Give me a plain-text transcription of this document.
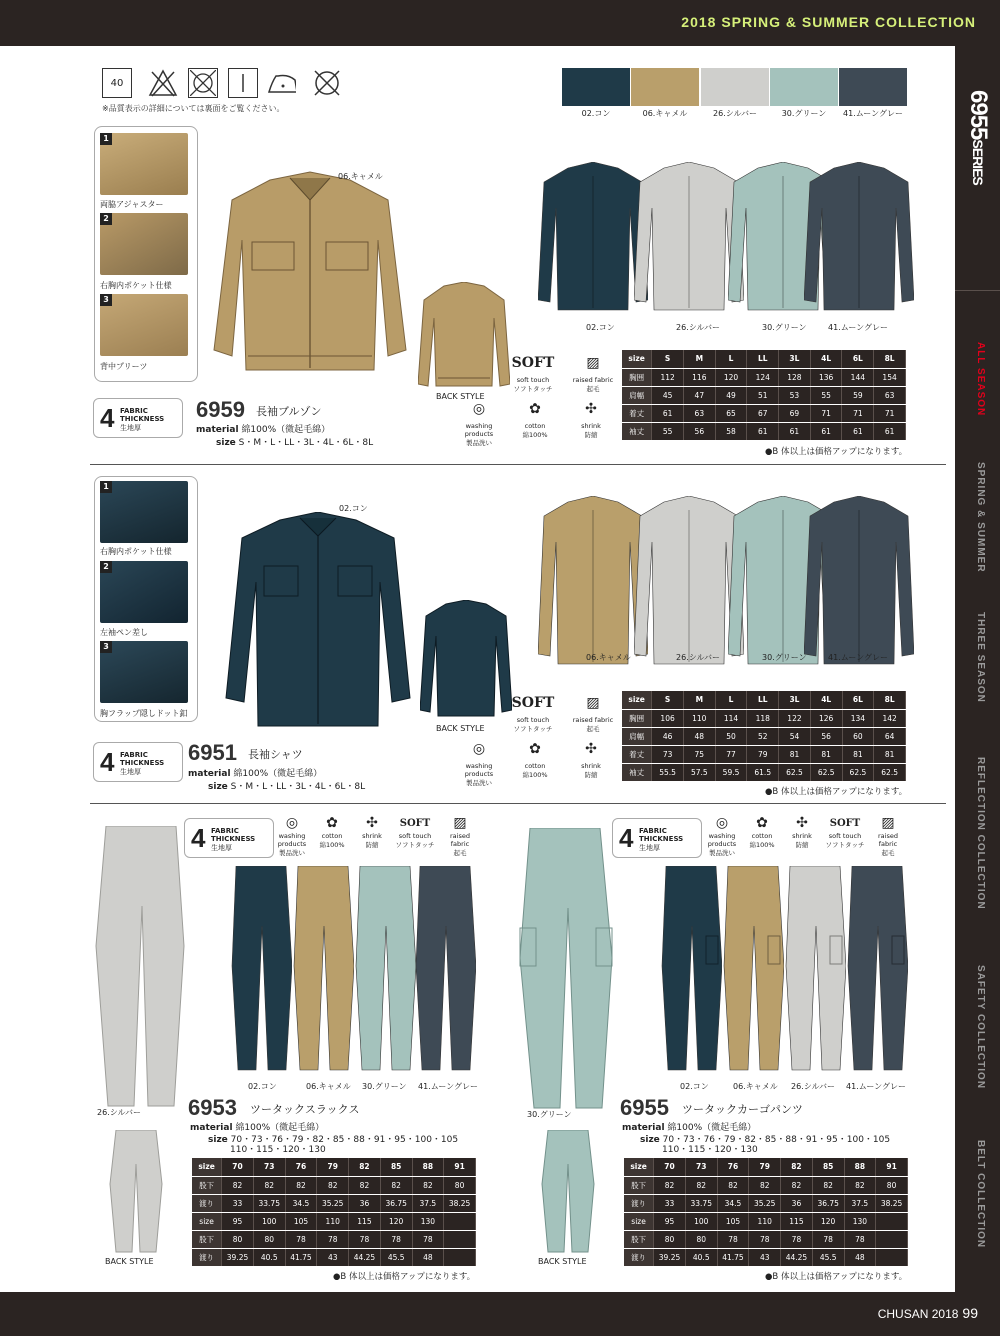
2018 SPRING & SUMMER COLLECTION
6955SERIES
ALL SEASON
SPRING & SUMMER
THREE SEASON
REFLECTION COLLECTION
SAFETY COLLECTION
BELT COLLECTION
CHUSAN 2018 99
40
※品質表示の詳細については裏面をご覧ください。
02.コン	06.キャメル	26.シルバー	30.グリーン	41.ムーングレー
1
両脇アジャスター
2
右胸内ポケット仕様
3
背中プリーツ
06.キャメル
BACK STYLE
4 FABRIC
THICKNESS
生地厚
6959 長袖ブルゾン
material 綿100%（微起毛綿）
size S・M・L・LL・3L・4L・6L・8L
SOFT
soft touch
ソフトタッチ
▨
raised fabric
起毛
◎
washing products
製品洗い
✿
cotton
綿100%
✣
shrink
防縮
02.コン	26.シルバー	30.グリーン	41.ムーングレー
size	S	M	L	LL	3L	4L	6L	8L
胸囲	112	116	120	124	128	136	144	154
肩幅	45	47	49	51	53	55	59	63
着丈	61	63	65	67	69	71	71	71
袖丈	55	56	58	61	61	61	61	61
●B 体以上は価格アップになります。
1
右胸内ポケット仕様
2
左袖ペン差し
3
胸フラップ隠しドット釦
02.コン
BACK STYLE
4 FABRIC
THICKNESS
生地厚
6951 長袖シャツ
material 綿100%（微起毛綿）
size S・M・L・LL・3L・4L・6L・8L
SOFT
soft touch
ソフトタッチ
▨
raised fabric
起毛
◎
washing products
製品洗い
✿
cotton
綿100%
✣
shrink
防縮
06.キャメル	26.シルバー	30.グリーン	41.ムーングレー
size	S	M	L	LL	3L	4L	6L	8L
胸囲	106	110	114	118	122	126	134	142
肩幅	46	48	50	52	54	56	60	64
着丈	73	75	77	79	81	81	81	81
袖丈	55.5	57.5	59.5	61.5	62.5	62.5	62.5	62.5
●B 体以上は価格アップになります。
26.シルバー
BACK STYLE
4 FABRIC
THICKNESS
生地厚
◎
washing products
製品洗い
✿
cotton
綿100%
✣
shrink
防縮
SOFT
soft touch
ソフトタッチ
▨
raised fabric
起毛
02.コン	06.キャメル 30.グリーン 41.ムーングレー
6953 ツータックスラックス
material 綿100%（微起毛綿）
size 70・73・76・79・82・85・88・91・95・100・105
110・115・120・130
size	70	73	76	79	82	85	88	91
股下	82	82	82	82	82	82	82	80
渡り	33	33.75	34.5	35.25	36	36.75	37.5	38.25
size	95	100	105	110	115	120	130	
股下	80	80	78	78	78	78	78	
渡り	39.25	40.5	41.75	43	44.25	45.5	48	
●B 体以上は価格アップになります。
30.グリーン
BACK STYLE
4 FABRIC
THICKNESS
生地厚
◎
washing products
製品洗い
✿
cotton
綿100%
✣
shrink
防縮
SOFT
soft touch
ソフトタッチ
▨
raised fabric
起毛
02.コン	06.キャメル 26.シルバー 41.ムーングレー
6955 ツータックカーゴパンツ
material 綿100%（微起毛綿）
size 70・73・76・79・82・85・88・91・95・100・105
110・115・120・130
size	70	73	76	79	82	85	88	91
股下	82	82	82	82	82	82	82	80
渡り	33	33.75	34.5	35.25	36	36.75	37.5	38.25
size	95	100	105	110	115	120	130	
股下	80	80	78	78	78	78	78	
渡り	39.25	40.5	41.75	43	44.25	45.5	48	
●B 体以上は価格アップになります。
